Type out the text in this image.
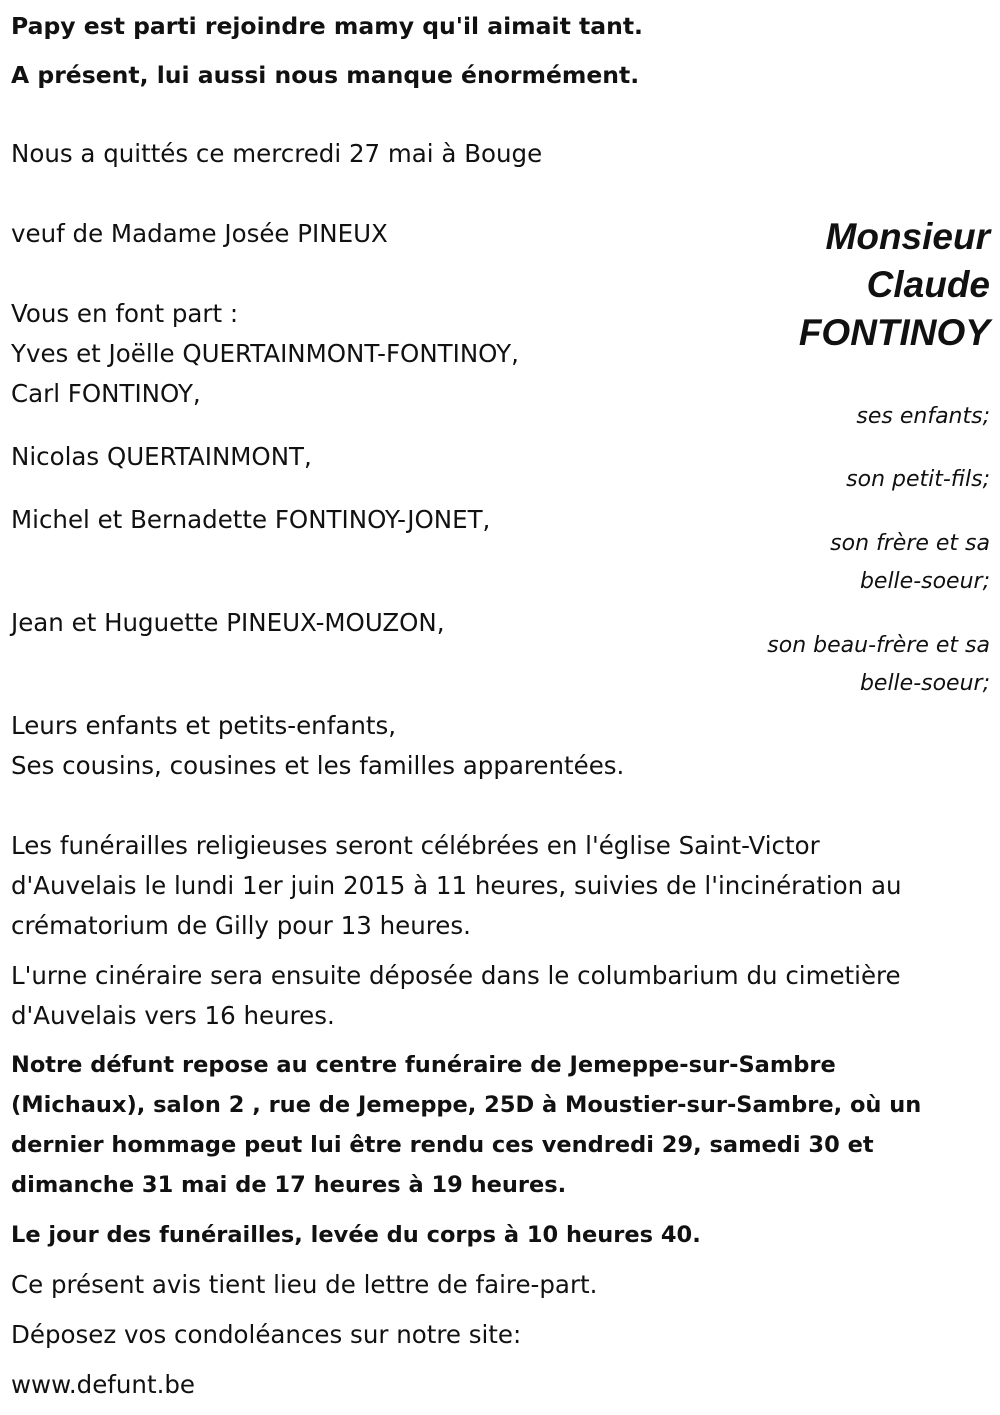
Papy est parti rejoindre mamy qu'il aimait tant.

A présent, lui aussi nous manque énormément.

Monsieur

Claude

FONTINOY

Nous a quittés ce mercredi 27 mai à Bouge

veuf de Madame Josée PINEUX

Vous en font part :

Yves et Joëlle QUERTAINMONT-FONTINOY,

Carl FONTINOY,

ses enfants;

Nicolas QUERTAINMONT,

son petit-fils;

Michel et Bernadette FONTINOY-JONET,

son frère et sa

belle-soeur;

Jean et Huguette PINEUX-MOUZON,

son beau-frère et sa

belle-soeur;

Leurs enfants et petits-enfants,

Ses cousins, cousines et les familles apparentées.

Les funérailles religieuses seront célébrées en l'église Saint-Victor

d'Auvelais le lundi 1er juin 2015 à 11 heures, suivies de l'incinération au

crématorium de Gilly pour 13 heures.

L'urne cinéraire sera ensuite déposée dans le columbarium du cimetière

d'Auvelais vers 16 heures.

Notre défunt repose au centre funéraire de Jemeppe-sur-Sambre

(Michaux), salon 2 , rue de Jemeppe, 25D à Moustier-sur-Sambre, où un

dernier hommage peut lui être rendu ces vendredi 29, samedi 30 et

dimanche 31 mai de 17 heures à 19 heures.

Le jour des funérailles, levée du corps à 10 heures 40.

Ce présent avis tient lieu de lettre de faire-part.

Déposez vos condoléances sur notre site:

www.defunt.be
